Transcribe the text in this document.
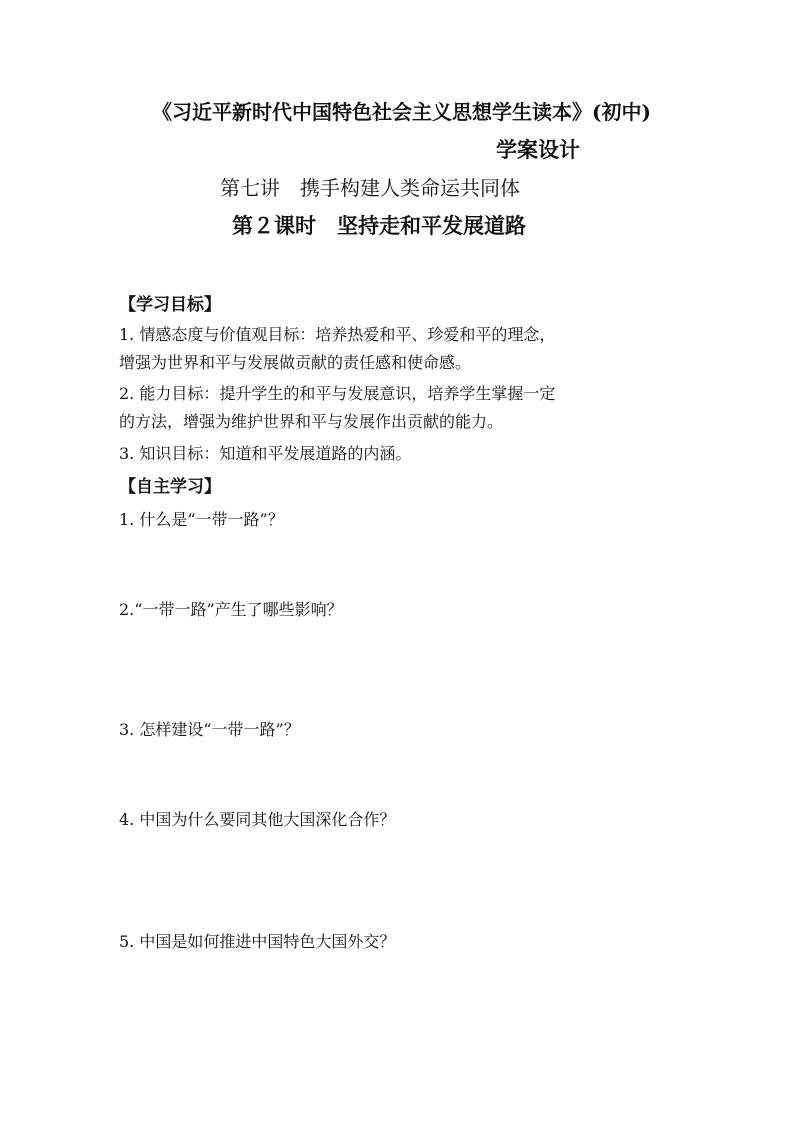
《习近平新时代中国特色社会主义思想学生读本》(初中)

学案设计

第七讲　携手构建人类命运共同体

第２课时　坚持走和平发展道路

【学习目标】

1. 情感态度与价值观目标：培养热爱和平、珍爱和平的理念，

增强为世界和平与发展做贡献的责任感和使命感。

2. 能力目标：提升学生的和平与发展意识，培养学生掌握一定

的方法，增强为维护世界和平与发展作出贡献的能力。

3. 知识目标：知道和平发展道路的内涵。

【自主学习】

1. 什么是“一带一路”？

2.“一带一路”产生了哪些影响？

3. 怎样建设“一带一路”？

4. 中国为什么要同其他大国深化合作？

5. 中国是如何推进中国特色大国外交？
